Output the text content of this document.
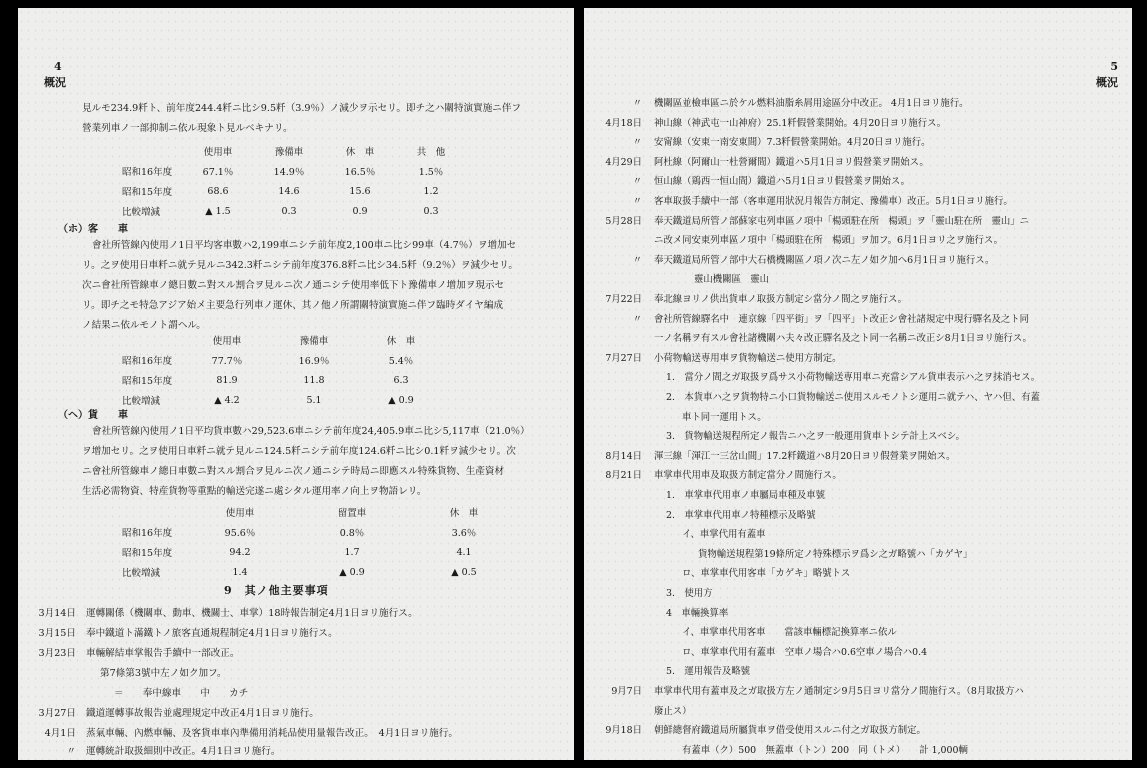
4
概況
見ルモ234.9粁ト、前年度244.4粁ニ比シ9.5粁（3.9％）ノ減少ヲ示セリ。即チ之ハ關特演實施ニ伴フ
營業列車ノ一部抑制ニ依ル現象ト見ルベキナリ。
	使用車	豫備車	休　車	共　他
昭和16年度	67.1％	14.9％	16.5％	1.5％
昭和15年度	68.6	14.6	15.6	1.2
比較増減	▲ 1.5	0.3	0.9	0.3
（ホ）客　　車
會社所管線內使用ノ1日平均客車數ハ2,199車ニシテ前年度2,100車ニ比シ99車（4.7％）ヲ增加セ
リ。之ヲ使用日車粁ニ就テ見ルニ342.3粁ニシテ前年度376.8粁ニ比シ34.5粁（9.2％）ヲ減少セリ。
次ニ會社所管線車ノ總日數ニ對スル割合ヲ見ルニ次ノ通ニシテ使用率低下ト豫備車ノ增加ヲ現示セ
リ。即チ之モ特急アジア始メ主要急行列車ノ運休、其ノ他ノ所謂關特演實施ニ伴フ臨時ダイヤ編成
ノ結果ニ依ルモノト謂ヘル。
	使用車	豫備車	休　車
昭和16年度	77.7％	16.9％	5.4％
昭和15年度	81.9	11.8	6.3
比較増減	▲ 4.2	5.1	▲ 0.9
（ヘ）貨　　車
會社所管線內使用ノ1日平均貨車數ハ29,523.6車ニシテ前年度24,405.9車ニ比シ5,117車（21.0％）
ヲ增加セリ。之ヲ使用日車粁ニ就テ見ルニ124.5粁ニシテ前年度124.6粁ニ比シ0.1粁ヲ減少セリ。次
ニ會社所管線車ノ總日車數ニ對スル割合ヲ見ルニ次ノ通ニシテ時局ニ即應スル特殊貨物、生產資材
生活必需物資、特産貨物等重點的輸送完遂ニ處シタル運用率ノ向上ヲ物語レリ。
	使用車	留置車	休　車
昭和16年度	95.6％	0.8％	3.6％
昭和15年度	94.2	1.7	4.1
比較増減	1.4	▲ 0.9	▲ 0.5
9　其ノ他主要事項
3月14日 運轉關係（機關車、動車、機關士、車掌）18時報告制定4月1日ヨリ施行ス。
3月15日 奉中鐵道ト滿鐵トノ旅客直通規程制定4月1日ヨリ施行ス。
3月23日 車輛解結車掌報告手續中一部改正。
第7條第3號中左ノ如ク加フ。
＝　　奉中線車　　中　　カチ
3月27日 鐵道運轉事故報告並處理規定中改正4月1日ヨリ施行。
4月1日 蒸氣車輛、內燃車輛、及客貨車車內準備用消耗品使用量報告改正。　4月1日ヨリ施行。
〃 運轉統計取扱細則中改正。4月1日ヨリ施行。
5
概況
〃 機關區並檢車區ニ於ケル燃料油脂糸屑用途區分中改正。 4月1日ヨリ施行。
4月18日 神山線（神武屯一山神府）25.1粁假營業開始。4月20日ヨリ施行ス。
〃 安甯線（安東一南安東間）7.3粁假營業開始。4月20日ヨリ施行。
4月29日 阿杜線（阿爾山一杜營爾間）鐵道ハ5月1日ヨリ假營業ヲ開始ス。
〃 恒山線（鶏西一恒山間）鐵道ハ5月1日ヨリ假營業ヲ開始ス。
〃 客車取扱手續中一部（客車運用狀況月報告方制定、豫備車）改正。5月1日ヨリ施行。
5月28日 奉天鐵道局所管ノ部蘇家屯列車區ノ項中「楊頭駐在所　楊頭」ヲ「靈山駐在所　靈山」ニ
ニ改メ同安東列車區ノ項中「楊頭駐在所　楊頭」ヲ加フ。6月1日ヨリ之ヲ施行ス。
〃 奉天鐵道局所管ノ部中大石橋機關區ノ項ノ次ニ左ノ如ク加ヘ6月1日ヨリ施行ス。
靈山機關區　靈山
7月22日 奉北線ヨリノ供出貨車ノ取扱方制定シ當分ノ間之ヲ施行ス。
〃 會社所管線驛名中　連京線「四平街」ヲ「四平」ト改正シ會社諸規定中現行驛名及之ト同
一ノ名稱ヲ有スル會社諸機關ハ夫々改正驛名及之ト同一名稱ニ改正シ8月1日ヨリ施行ス。
7月27日 小荷物輸送専用車ヲ貨物輸送ニ使用方制定。
1.　當分ノ間之ガ取扱ヲ爲サス小荷物輸送専用車ニ充當シアル貨車表示ハ之ヲ抹消セス。
2.　本貨車ハ之ヲ貨物特ニ小口貨物輸送ニ使用スルモノトシ運用ニ就テハ、ヤハ但、有蓋
車ト同一運用トス。
3.　貨物輸送規程所定ノ報告ニハ之ヲ一般運用貨車トシテ計上スベシ。
8月14日 渾三線「渾江一三岔山間」17.2粁鐵道ハ8月20日ヨリ假營業ヲ開始ス。
8月21日 車掌車代用車及取扱方制定當分ノ間施行ス。
1.　車掌車代用車ノ車屬局車種及車號
2.　車掌車代用車ノ特種標示及略號
イ、車掌代用有蓋車
貨物輸送規程第19條所定ノ特殊標示ヲ爲シ之ガ略號ハ「カゲヤ」
ロ、車掌車代用客車「カゲキ」略號トス
3.　使用方
4　車輛換算率
イ、車掌車代用客車　　當該車輛標記換算率ニ依ル
ロ、車掌車代用有蓋車　空車ノ場合ハ0.6空車ノ場合ハ0.4
5.　運用報告及略號
9月7日 車掌車代用有蓋車及之ガ取扱方左ノ通制定シ9月5日ヨリ當分ノ間施行ス。（8月取扱方ハ
廢止ス）
9月18日 朝鮮總督府鐵道局所屬貨車ヲ借受使用スルニ付之ガ取扱方制定。
有蓋車（ク）500　無蓋車（トン）200　同（トメ）　　計 1,000輌
